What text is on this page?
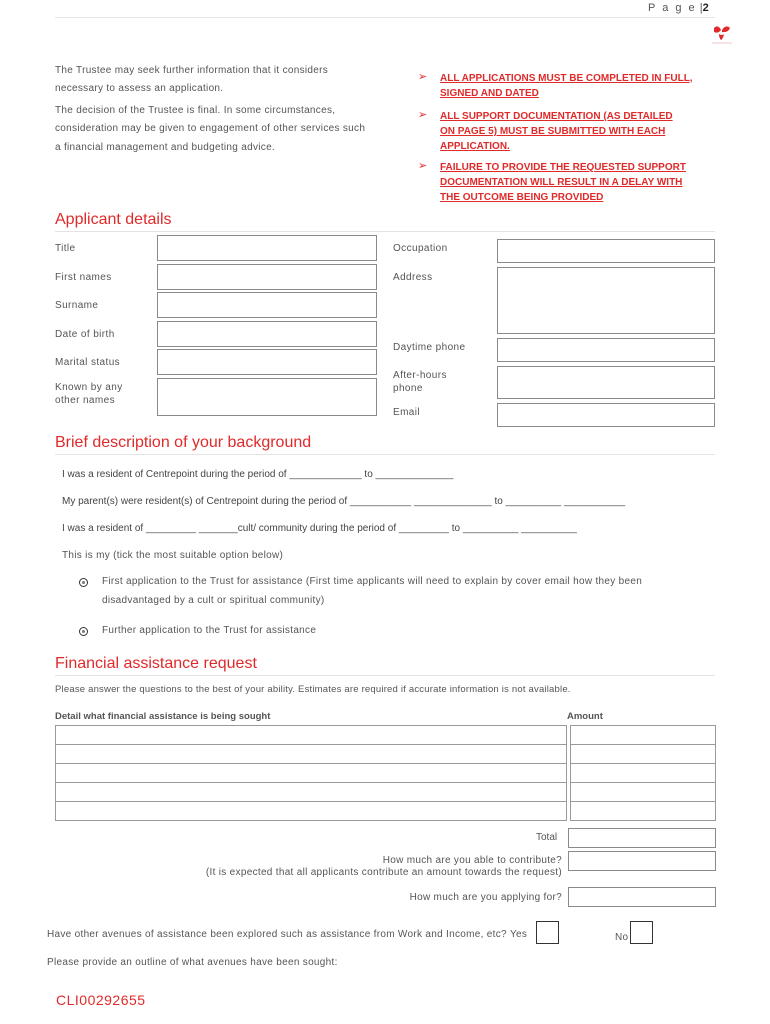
P a g e |2
The Trustee may seek further information that it considers
necessary to assess an application.
The decision of the Trustee is final. In some circumstances,
consideration may be given to engagement of other services such
a financial management and budgeting advice.
➢ ALL APPLICATIONS MUST BE COMPLETED IN FULL,
SIGNED AND DATED
➢ ALL SUPPORT DOCUMENTATION (AS DETAILED
ON PAGE 5) MUST BE SUBMITTED WITH EACH
APPLICATION.
➢ FAILURE TO PROVIDE THE REQUESTED SUPPORT
DOCUMENTATION WILL RESULT IN A DELAY WITH
THE OUTCOME BEING PROVIDED
Applicant details
Title
First names
Surname
Date of birth
Marital status
Known by any
other names
Occupation
Address
Daytime phone
After-hours
phone
Email
Brief description of your background
I was a resident of Centrepoint during the period of _____________ to ______________
My parent(s) were resident(s) of Centrepoint during the period of ___________ ______________ to __________ ___________
I was a resident of _________ _______cult/ community during the period of _________ to __________ __________
This is my (tick the most suitable option below)
First application to the Trust for assistance (First time applicants will need to explain by cover email how they been
disadvantaged by a cult or spiritual community)
Further application to the Trust for assistance
Financial assistance request
Please answer the questions to the best of your ability. Estimates are required if accurate information is not available.
Detail what financial assistance is being sought	Amount

Total
How much are you able to contribute?
(It is expected that all applicants contribute an amount towards the request)
How much are you applying for?
Have other avenues of assistance been explored such as assistance from Work and Income, etc? Yes	No
Please provide an outline of what avenues have been sought:
CLI00292655
